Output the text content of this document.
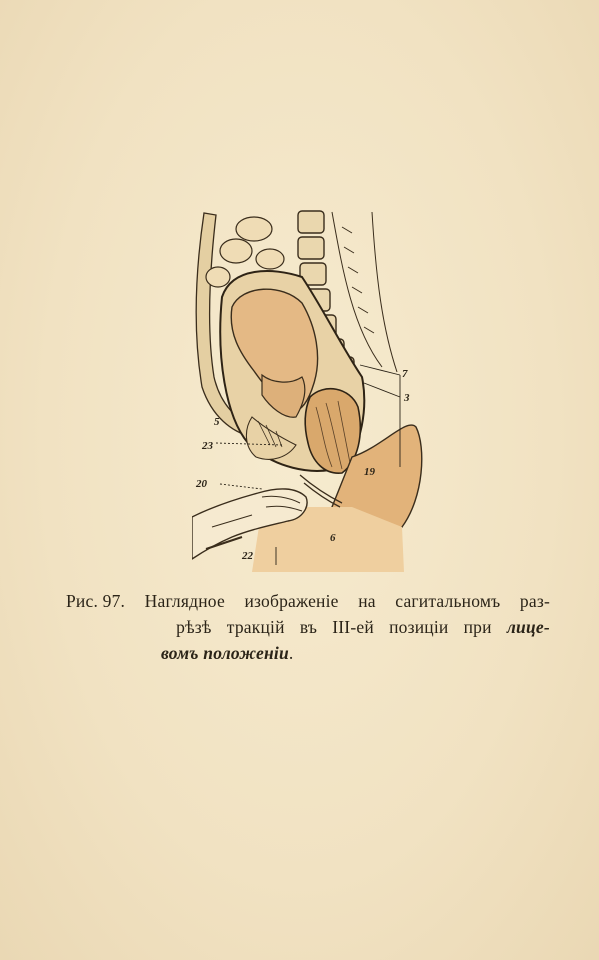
7
3
5
23
19
20
6
22
Рис. 97. Наглядное изображеніе на сагитальномъ раз-
рѣзѣ тракцій въ III-ей позиціи при лице-
вомъ положеніи.
